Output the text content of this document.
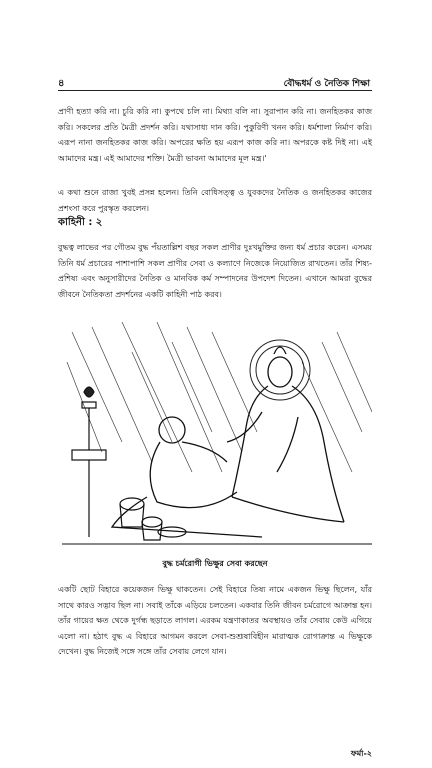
৪	বৌদ্ধধর্ম ও নৈতিক শিক্ষা

প্রাণী হত্যা করি না। চুরি করি না। কুপথে চলি না। মিথ্যা বলি না। সুরাপান করি না। জনহিতকর কাজ করি। সকলের প্রতি মৈত্রী প্রদর্শন করি। যথাসাধ্য দান করি। পুকুরিণী খনন করি। ধর্মশালা নির্মাণ করি। এরূপ নানা জনহিতকর কাজ করি। অপরের ক্ষতি হয় এরূপ কাজ করি না। অপরকে কষ্ট দিই না। এই আমাদের মন্ত্র। এই আমাদের শক্তি। মৈত্রী ভাবনা আমাদের মূল মন্ত্র।'

এ কথা শুনে রাজা খুবই প্রসন্ন হলেন। তিনি বোধিসত্ত্ব ও যুবকদের নৈতিক ও জনহিতকর কাজের প্রশংসা করে পুরস্কৃত করলেন।

কাহিনী : ২

বুদ্ধত্ব লাভের পর গৌতম বুদ্ধ পঁয়তাল্লিশ বছর সকল প্রাণীর দুঃখমুক্তির জন্য ধর্ম প্রচার করেন। এসময় তিনি ধর্ম প্রচারের পাশাপাশি সকল প্রাণীর সেবা ও কল্যাণে নিজেকে নিয়োজিত রাখতেন। তাঁর শিষ্য-প্রশিষ্য এবং অনুসারীদের নৈতিক ও মানবিক কর্ম সম্পাদনের উপদেশ দিতেন। এখানে আমরা বুদ্ধের জীবনে নৈতিকতা প্রদর্শনের একটি কাহিনী পাঠ করব।

বুদ্ধ চর্মরোগী ভিক্ষুর সেবা করছেন

একটি ছোট বিহারে কয়েকজন ভিক্ষু থাকতেন। সেই বিহারে তিষ্য নামে একজন ভিক্ষু ছিলেন, যাঁর সাথে কারও সদ্ভাব ছিল না। সবাই তাঁকে এড়িয়ে চলতেন। একবার তিনি জীবন চর্মরোগে আক্রান্ত হন। তাঁর গায়ের ক্ষত থেকে দুর্গন্ধ ছড়াতে লাগল। এরকম যন্ত্রণাকাতর অবস্থায়ও তাঁর সেবায় কেউ এগিয়ে এলো না। হঠাৎ বুদ্ধ এ বিহারে আগমন করলে সেবা-শুশ্রূষাবিহীন মারাত্মক রোগাক্রান্ত এ ভিক্ষুকে দেখেন। বুদ্ধ নিজেই সঙ্গে সঙ্গে তাঁর সেবায় লেগে যান।

ফর্মা-২
